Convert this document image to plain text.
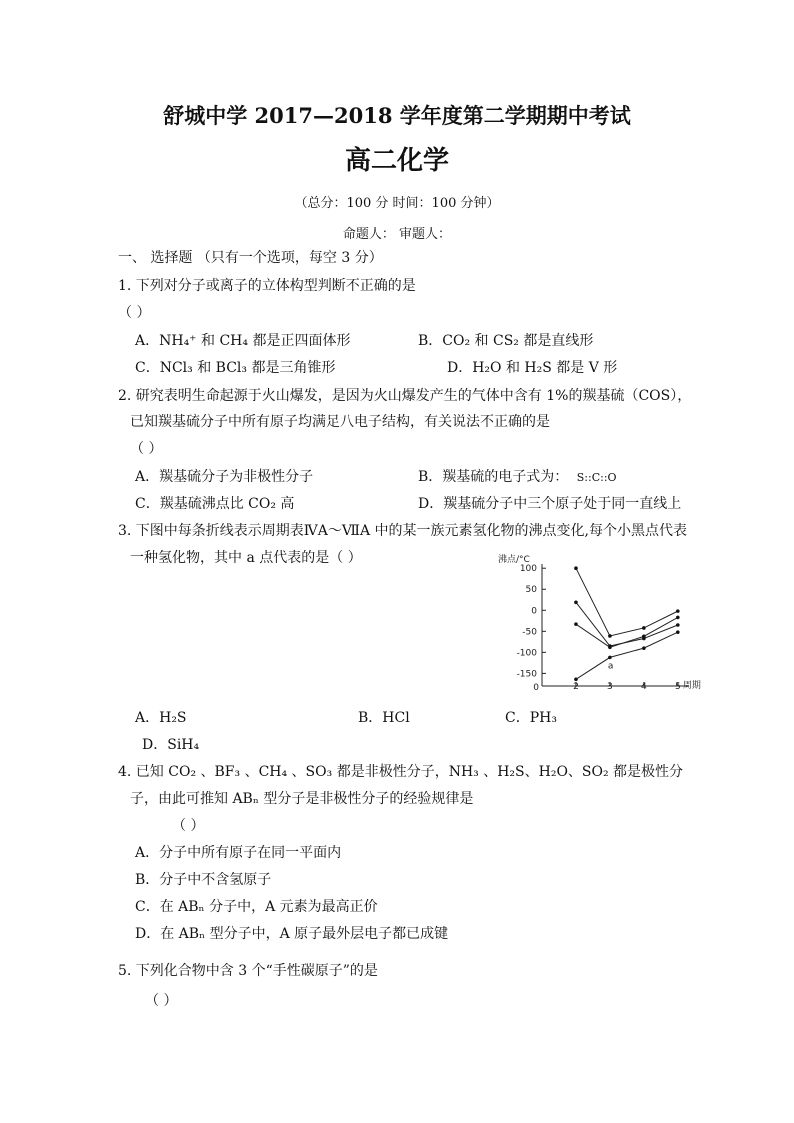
舒城中学 2017—2018 学年度第二学期期中考试
高二化学
（总分：100 分 时间：100 分钟）
命题人： 审题人：
一、 选择题 （只有一个选项，每空 3 分）
1. 下列对分子或离子的立体构型判断不正确的是
（ ）
A．NH₄⁺ 和 CH₄ 都是正四面体形	B．CO₂ 和 CS₂ 都是直线形
C．NCl₃ 和 BCl₃ 都是三角锥形	D．H₂O 和 H₂S 都是 V 形
2. 研究表明生命起源于火山爆发，是因为火山爆发产生的气体中含有 1%的羰基硫（COS），
已知羰基硫分子中所有原子均满足八电子结构，有关说法不正确的是
（ ）
A．羰基硫分子为非极性分子	B．羰基硫的电子式为： S::C::O
C．羰基硫沸点比 CO₂ 高	D．羰基硫分子中三个原子处于同一直线上
3. 下图中每条折线表示周期表ⅣA～ⅦA 中的某一族元素氢化物的沸点变化,每个小黑点代表
一种氢化物，其中 a 点代表的是（ ）	沸点/°C
周期
0
100
50
0
-50
-100
-150
2	3	4	5
a
A．H₂S	B．HCl	C．PH₃
D．SiH₄
4. 已知 CO₂ 、BF₃ 、CH₄ 、SO₃ 都是非极性分子，NH₃ 、H₂S、H₂O、SO₂ 都是极性分
子，由此可推知 ABₙ 型分子是非极性分子的经验规律是
（ ）
A．分子中所有原子在同一平面内
B．分子中不含氢原子
C．在 ABₙ 分子中，A 元素为最高正价
D．在 ABₙ 型分子中，A 原子最外层电子都已成键
5. 下列化合物中含 3 个“手性碳原子”的是
（ ）
